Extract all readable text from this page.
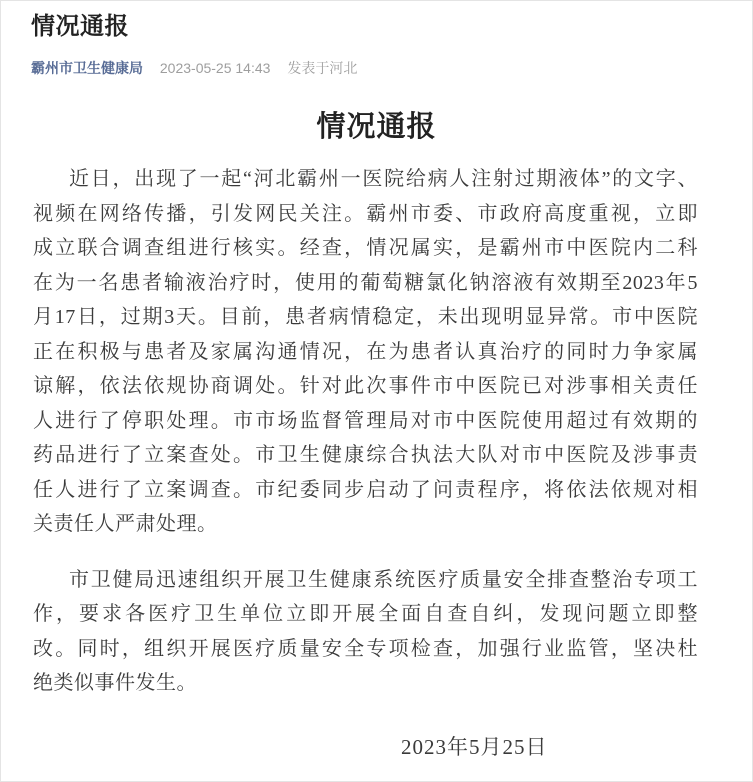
情况通报
霸州市卫生健康局 2023-05-25 14:43 发表于河北
情况通报
近日，出现了一起“河北霸州一医院给病人注射过期液体”的文字、
视频在网络传播，引发网民关注。霸州市委、市政府高度重视，立即
成立联合调查组进行核实。经查，情况属实，是霸州市中医院内二科
在为一名患者输液治疗时，使用的葡萄糖氯化钠溶液有效期至2023年5
月17日，过期3天。目前，患者病情稳定，未出现明显异常。市中医院
正在积极与患者及家属沟通情况，在为患者认真治疗的同时力争家属
谅解，依法依规协商调处。针对此次事件市中医院已对涉事相关责任
人进行了停职处理。市市场监督管理局对市中医院使用超过有效期的
药品进行了立案查处。市卫生健康综合执法大队对市中医院及涉事责
任人进行了立案调查。市纪委同步启动了问责程序，将依法依规对相
关责任人严肃处理。
市卫健局迅速组织开展卫生健康系统医疗质量安全排查整治专项工
作，要求各医疗卫生单位立即开展全面自查自纠，发现问题立即整
改。同时，组织开展医疗质量安全专项检查，加强行业监管，坚决杜
绝类似事件发生。
2023年5月25日
